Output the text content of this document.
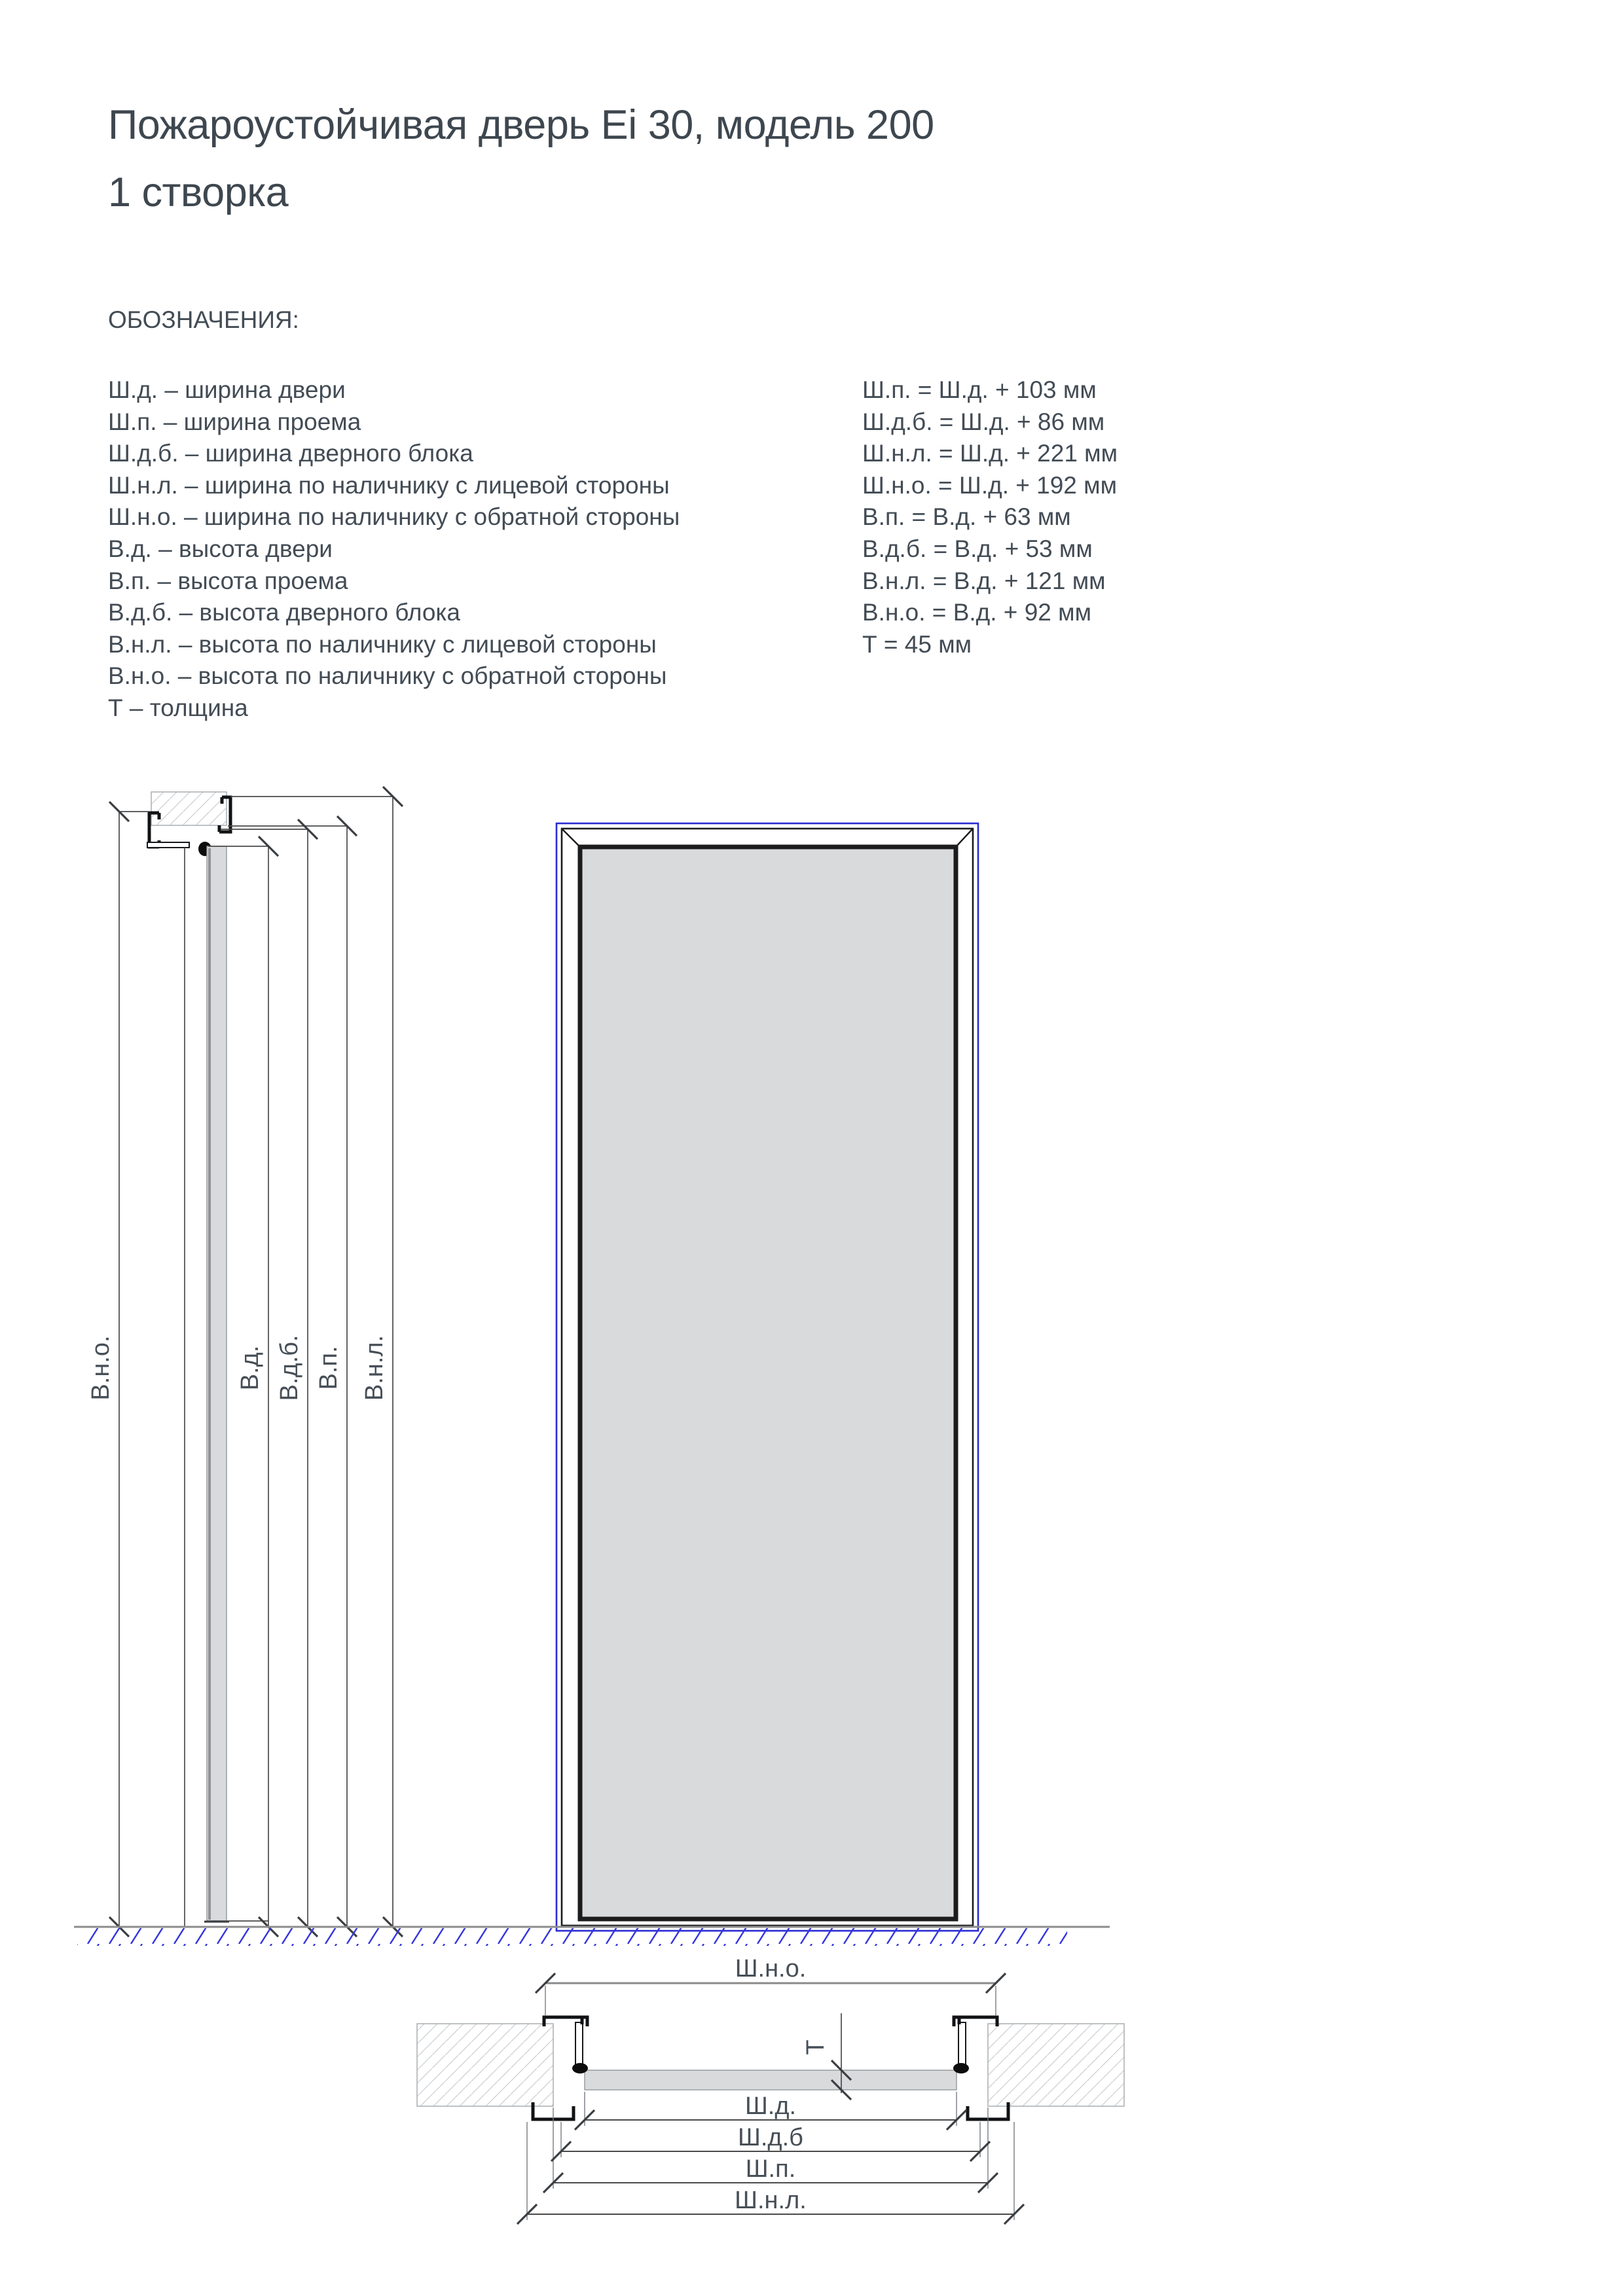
В.н.о.	В.д. В.д.б. В.п. В.н.л.
Т
Ш.н.о.
Ш.д.
Ш.д.б
Ш.п.
Ш.н.л.
Пожароустойчивая дверь Ei 30, модель 200
1 створка
ОБОЗНАЧЕНИЯ:
Ш.д. – ширина двери
Ш.п. – ширина проема
Ш.д.б. – ширина дверного блока
Ш.н.л. – ширина по наличнику с лицевой стороны
Ш.н.о. – ширина по наличнику с обратной стороны
В.д. – высота двери
В.п. – высота проема
В.д.б. – высота дверного блока
В.н.л. – высота по наличнику с лицевой стороны
В.н.о. – высота по наличнику с обратной стороны
Т – толщина
Ш.п. = Ш.д. + 103 мм
Ш.д.б. = Ш.д. + 86 мм
Ш.н.л. = Ш.д. + 221 мм
Ш.н.о. = Ш.д. + 192 мм
В.п. = В.д. + 63 мм
В.д.б. = В.д. + 53 мм
В.н.л. = В.д. + 121 мм
В.н.о. = В.д. + 92 мм
Т = 45 мм
